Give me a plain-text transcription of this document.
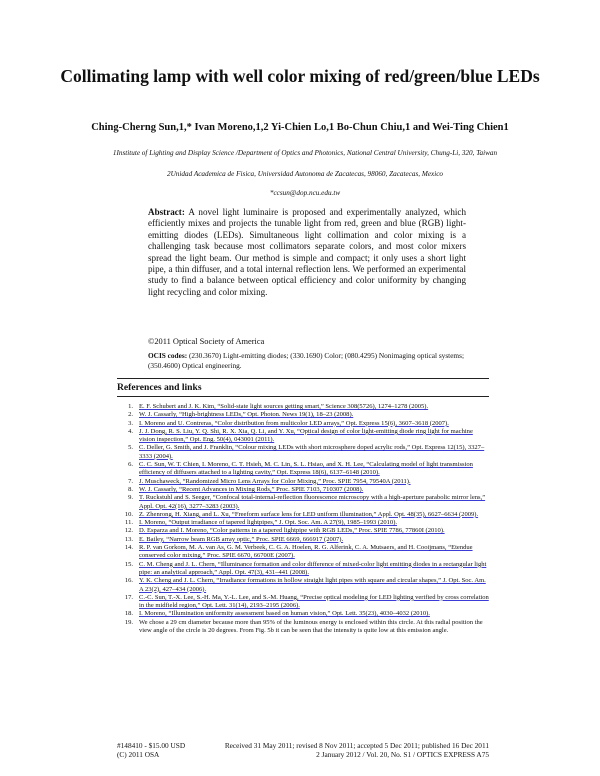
Collimating lamp with well color mixing of red/green/blue LEDs
Ching-Cherng Sun,1,* Ivan Moreno,1,2 Yi-Chien Lo,1 Bo-Chun Chiu,1 and Wei-Ting Chien1
1Institute of Lighting and Display Science /Department of Optics and Photonics, National Central University, Chung-Li, 320, Taiwan
2Unidad Academica de Fisica, Universidad Autonoma de Zacatecas, 98060, Zacatecas, Mexico
*ccsun@dop.ncu.edu.tw
Abstract: A novel light luminaire is proposed and experimentally analyzed, which efficiently mixes and projects the tunable light from red, green and blue (RGB) light-emitting diodes (LEDs). Simultaneous light collimation and color mixing is a challenging task because most collimators separate colors, and most color mixers spread the light beam. Our method is simple and compact; it only uses a short light pipe, a thin diffuser, and a total internal reflection lens. We performed an experimental study to find a balance between optical efficiency and color uniformity by changing light recycling and color mixing.
©2011 Optical Society of America
OCIS codes: (230.3670) Light-emitting diodes; (330.1690) Color; (080.4295) Nonimaging optical systems; (350.4600) Optical engineering.
References and links
1. E. F. Schubert and J. K. Kim, “Solid-state light sources getting smart,” Science 308(5726), 1274–1278 (2005).
2. W. J. Cassarly, “High-brightness LEDs,” Opt. Photon. News 19(1), 18–23 (2008).
3. I. Moreno and U. Contreras, “Color distribution from multicolor LED arrays,” Opt. Express 15(6), 3607–3618 (2007).
4. J. J. Dong, R. S. Liu, Y. Q. Shi, R. X. Xia, Q. Li, and Y. Xu, “Optical design of color light-emitting diode ring light for machine vision inspection,” Opt. Eng. 50(4), 043001 (2011).
5. C. Deller, G. Smith, and J. Franklin, “Colour mixing LEDs with short microsphere doped acrylic rods,” Opt. Express 12(15), 3327–3333 (2004).
6. C. C. Sun, W. T. Chien, I. Moreno, C. T. Hsieh, M. C. Lin, S. L. Hsiao, and X. H. Lee, “Calculating model of light transmission efficiency of diffusers attached to a lighting cavity,” Opt. Express 18(6), 6137–6148 (2010).
7. J. Muschaweck, “Randomized Micro Lens Arrays for Color Mixing,” Proc. SPIE 7954, 79540A (2011).
8. W. J. Cassarly, “Recent Advances in Mixing Rods,” Proc. SPIE 7103, 710307 (2008).
9. T. Ruckstuhl and S. Seeger, “Confocal total-internal-reflection fluorescence microscopy with a high-aperture parabolic mirror lens,” Appl. Opt. 42(16), 3277–3283 (2003).
10. Z. Zhenrong, H. Xiang, and L. Xu, “Freeform surface lens for LED uniform illumination,” Appl. Opt. 48(35), 6627–6634 (2009).
11. I. Moreno, “Output irradiance of tapered lightpipes,” J. Opt. Soc. Am. A 27(9), 1985–1993 (2010).
12. D. Esparza and I. Moreno, “Color patterns in a tapered lightpipe with RGB LEDs,” Proc. SPIE 7786, 77860I (2010).
13. E. Bailey, “Narrow beam RGB array optic,” Proc. SPIE 6669, 666917 (2007).
14. R. P. van Gorkom, M. A. van As, G. M. Verbeek, C. G. A. Hoelen, R. G. Alferink, C. A. Mutsaers, and H. Cooijmans, “Etendue conserved color mixing,” Proc. SPIE 6670, 66700E (2007).
15. C. M. Cheng and J. L. Chern, “Illuminance formation and color difference of mixed-color light emitting diodes in a rectangular light pipe: an analytical approach,” Appl. Opt. 47(3), 431–441 (2008).
16. Y. K. Cheng and J. L. Chern, “Irradiance formations in hollow straight light pipes with square and circular shapes,” J. Opt. Soc. Am. A 23(2), 427–434 (2006).
17. C.-C. Sun, T.-X. Lee, S.-H. Ma, Y.-L. Lee, and S.-M. Huang, “Precise optical modeling for LED lighting verified by cross correlation in the midfield region,” Opt. Lett. 31(14), 2193–2195 (2006).
18. I. Moreno, “Illumination uniformity assessment based on human vision,” Opt. Lett. 35(23), 4030–4032 (2010).
19. We chose a 29 cm diameter because more than 95% of the luminous energy is enclosed within this circle. At this radial position the view angle of the circle is 20 degrees. From Fig. 5b it can be seen that the intensity is quite low at this emission angle.
#148410 - $15.00 USD	Received 31 May 2011; revised 8 Nov 2011; accepted 5 Dec 2011; published 16 Dec 2011
(C) 2011 OSA	2 January 2012 / Vol. 20, No. S1 / OPTICS EXPRESS A75
